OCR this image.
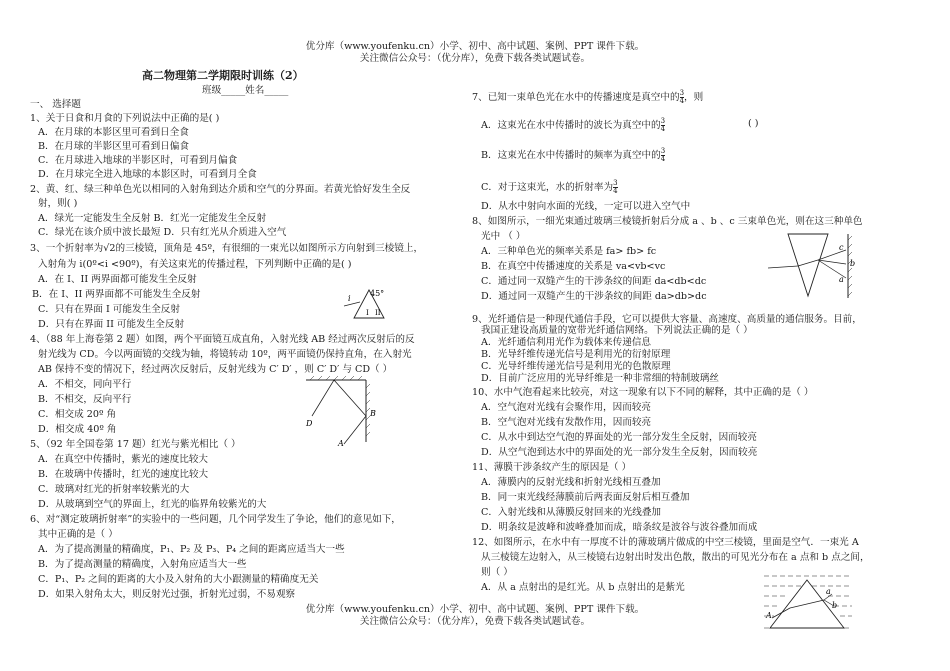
优分库（www.youfenku.cn）小学、初中、高中试题、案例、PPT 课件下载。
关注微信公众号：（优分库），免费下载各类试题试卷。
高二物理第二学期限时训练（2）
班级_____姓名_____
一、 选择题
1、关于日食和月食的下列说法中正确的是( )
A．在月球的本影区里可看到日全食
B．在月球的半影区里可看到日偏食
C．在月球进入地球的半影区时，可看到月偏食
D．在月球完全进入地球的本影区时，可看到月全食
2、黄、红、绿三种单色光以相同的入射角到达介质和空气的分界面。若黄光恰好发生全反
射，则( )
A．绿光一定能发生全反射 B．红光一定能发生全反射
C．绿光在该介质中波长最短 D．只有红光从介质进入空气
3、一个折射率为√2的三棱镜，顶角是 45º，有很细的一束光以如图所示方向射到三棱镜上，
入射角为 i(0º<i <90º)，有关这束光的传播过程，下列判断中正确的是( )
A．在 I、II 两界面都可能发生全反射
B．在 I、II 两界面都不可能发生全反射
C．只有在界面 I 可能发生全反射
D．只有在界面 II 可能发生全反射
45°
i
I II
4、（88 年上海卷第 2 题）如图，两个平面镜互成直角，入射光线 AB 经过两次反射后的反
射光线为 CD。今以两面镜的交线为轴，将镜转动 10º，两平面镜仍保持直角，在入射光
AB 保持不变的情况下，经过两次反射后，反射光线为 C′ D′ ，则 C′ D′ 与 CD（ ）
A．不相交，同向平行
B．不相交，反向平行
C．相交成 20º 角
D．相交成 40º 角
A
B
D
5、（92 年全国卷第 17 题）红光与紫光相比（ ）
A．在真空中传播时，紫光的速度比较大
B．在玻璃中传播时，红光的速度比较大
C．玻璃对红光的折射率较紫光的大
D．从玻璃到空气的界面上，红光的临界角较紫光的大
6、对“测定玻璃折射率”的实验中的一些问题，几个同学发生了争论，他们的意见如下，
其中正确的是（ ）
A．为了提高测量的精确度，P₁、P₂ 及 P₃、P₄ 之间的距离应适当大一些
B．为了提高测量的精确度，入射角应适当大一些
C．P₁、P₂ 之间的距离的大小及入射角的大小跟测量的精确度无关
D．如果入射角太大，则反射光过强，折射光过弱，不易观察
7、已知一束单色光在水中的传播速度是真空中的 $\frac{3}{4}$ ，则
A．这束光在水中传播时的波长为真空中的 $\frac{3}{4}$	( )
B．这束光在水中传播时的频率为真空中的 $\frac{3}{4}$
C．对于这束光，水的折射率为 $\frac{3}{4}$
D．从水中射向水面的光线，一定可以进入空气中
8、如图所示，一细光束通过玻璃三棱镜折射后分成 a 、b 、c 三束单色光，则在这三种单色
光中 （ ）
A．三种单色光的频率关系是 fa> fb> fc
B．在真空中传播速度的关系是 va<vb<vc
C．通过同一双缝产生的干涉条纹的间距 da<db<dc
D．通过同一双缝产生的干涉条纹的间距 da>db>dc
c
b
a
9、光纤通信是一种现代通信手段，它可以提供大容量、高速度、高质量的通信服务。目前，
我国正建设高质量的宽带光纤通信网络。下列说法正确的是（ ）
A．光纤通信利用光作为载体来传递信息
B．光导纤维传递光信号是利用光的衍射原理
C．光导纤维传递光信号是利用光的色散原理
D．目前广泛应用的光导纤维是一种非常细的特制玻璃丝
10、水中气泡看起来比较亮，对这一现象有以下不同的解释，其中正确的是（ ）
A．空气泡对光线有会聚作用，因而较亮
B．空气泡对光线有发散作用，因而较亮
C．从水中到达空气泡的界面处的光一部分发生全反射，因而较亮
D．从空气泡到达水中的界面处的光一部分发生全反射，因而较亮
11、薄膜干涉条纹产生的原因是（ ）
A．薄膜内的反射光线和折射光线相互叠加
B．同一束光线经薄膜前后两表面反射后相互叠加
C．入射光线和从薄膜反射回来的光线叠加
D．明条纹是波峰和波峰叠加而成，暗条纹是波谷与波谷叠加而成
12、如图所示，在水中有一厚度不计的薄玻璃片做成的中空三棱镜，里面是空气．一束光 A
从三棱镜左边射入，从三棱镜右边射出时发出色散，散出的可见光分布在 a 点和 b 点之间，
则（ ）
A．从 a 点射出的是红光。从 b 点射出的是紫光
A
a
b
优分库（www.youfenku.cn）小学、初中、高中试题、案例、PPT 课件下载。
关注微信公众号：（优分库），免费下载各类试题试卷。
